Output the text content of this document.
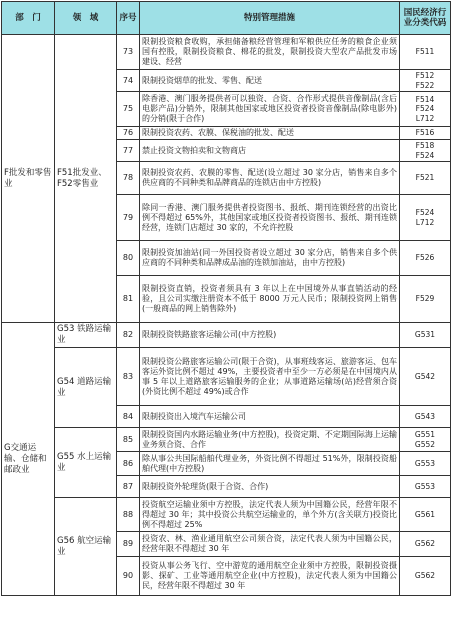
部　门	领　域	序号	特别管理措施	国民经济行业分类代码
F批发和零售业	F51批发业、F52零售业	73	限制投资粮食收购，承担储备粮经营管理和军粮供应任务的粮食企业须国有控股，限制投资粮食、棉花的批发，限制投资大型农产品批发市场建设、经营	F511

		74	限制投资烟草的批发、零售、配送	F512
F522

		75	除香港、澳门服务提供者可以独资、合资、合作形式提供音像制品(含后电影产品)分销外，限制其他国家或地区投资者投资音像制品(除电影外)的分销(限于合作)	F514
F524
L712

		76	限制投资农药、农膜、保税油的批发、配送	F516

		77	禁止投资文物拍卖和文物商店	F518
F524

		78	限制投资农药、农膜的零售、配送(设立超过 30 家分店，销售来自多个供应商的不同种类和品牌商品的连锁店由中方控股)	F521

		79	除同一香港、澳门服务提供者投资图书、报纸、期刊连锁经营的出资比例不得超过 65%外，其他国家或地区投资者投资图书、报纸、期刊连锁经营，连锁门店超过 30 家的，不允许控股	F524
L712

		80	限制投资加油站(同一外国投资者设立超过 30 家分店，销售来自多个供应商的不同种类和品牌成品油的连锁加油站，由中方控股)	F526

		81	限制投资直销，投资者须具有 3 年以上在中国境外从事直销活动的经验，且公司实缴注册资本不低于 8000 万元人民币；限制投资网上销售(一般商品的网上销售除外)	F529

G交通运输、仓储和邮政业	G53 铁路运输业	82	限制投资铁路旅客运输公司(中方控股)	G531

	G54 道路运输业	83	限制投资公路旅客运输公司(限于合资)，从事班线客运、旅游客运、包车客运外资比例不超过 49%，主要投资者中至少一方必须是在中国境内从事 5 年以上道路旅客运输服务的企业；从事道路运输场(站)经营须合资(外资比例不超过 49%)或合作	G542

		84	限制投资出入境汽车运输公司	G543

	G55 水上运输业	85	限制投资国内水路运输业务(中方控股)，投资定期、不定期国际海上运输业务须合资、合作	G551
G552

		86	除从事公共国际船舶代理业务，外资比例不得超过 51%外，限制投资船舶代理(中方控股)	G553

		87	限制投资外轮理货(限于合资、合作)	G553

	G56 航空运输业	88	投资航空运输业须中方控股，法定代表人须为中国籍公民，经营年限不得超过 30 年；其中投资公共航空运输业的，单个外方(含关联方)投资比例不得超过 25%	G561

		89	投资农、林、渔业通用航空公司须合资，法定代表人须为中国籍公民，经营年限不得超过 30 年	G562

		90	投资从事公务飞行、空中游览的通用航空企业须中方控股，限制投资摄影、探矿、工业等通用航空企业(中方控股)，法定代表人须为中国籍公民，经营年限不得超过 30 年	G562
